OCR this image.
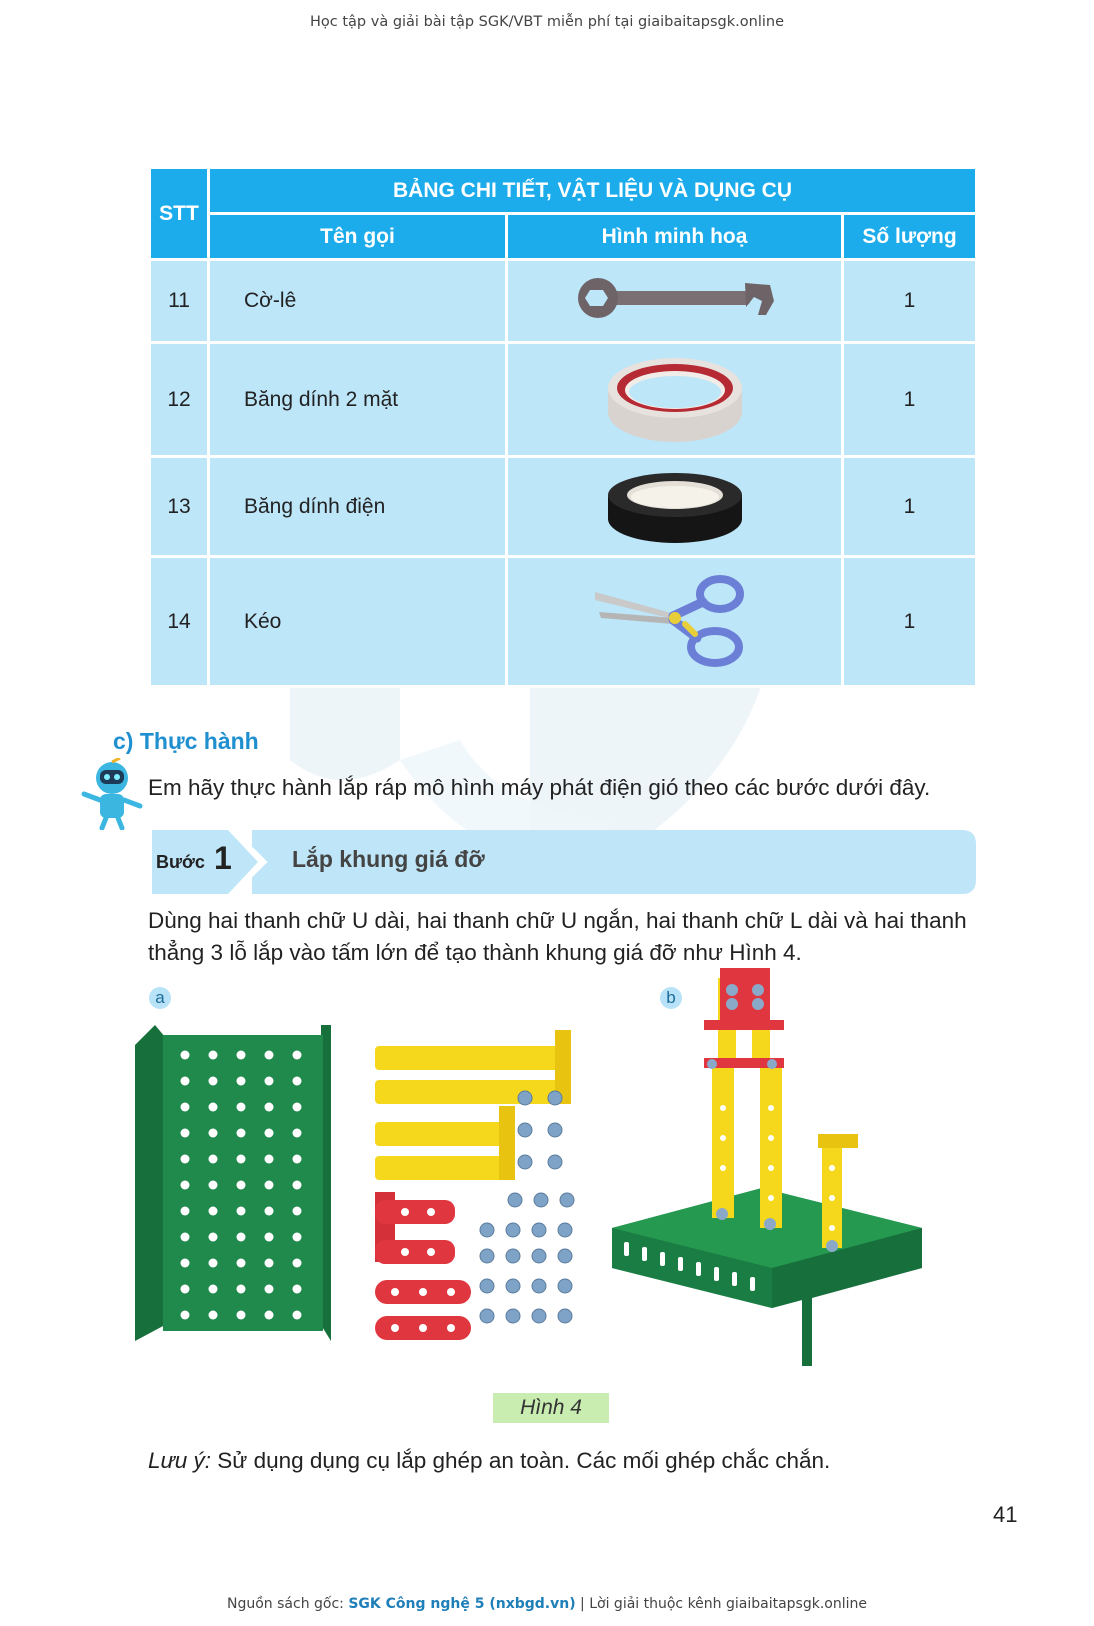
Học tập và giải bài tập SGK/VBT miễn phí tại giaibaitapsgk.online
STT	BẢNG CHI TIẾT, VẬT LIỆU VÀ DỤNG CỤ		
	Tên gọi	Hình minh hoạ	Số lượng
11	Cờ-lê		1
12	Băng dính 2 mặt		1
13	Băng dính điện		1
14	Kéo		1
c) Thực hành
Em hãy thực hành lắp ráp mô hình máy phát điện gió theo các bước dưới đây.
Bước 1	Lắp khung giá đỡ
Dùng hai thanh chữ U dài, hai thanh chữ U ngắn, hai thanh chữ L dài và hai thanh thẳng 3 lỗ lắp vào tấm lớn để tạo thành khung giá đỡ như Hình 4.
a	b
Hình 4
Lưu ý: Sử dụng dụng cụ lắp ghép an toàn. Các mối ghép chắc chắn.
41
Nguồn sách gốc: SGK Công nghệ 5 (nxbgd.vn) | Lời giải thuộc kênh giaibaitapsgk.online
